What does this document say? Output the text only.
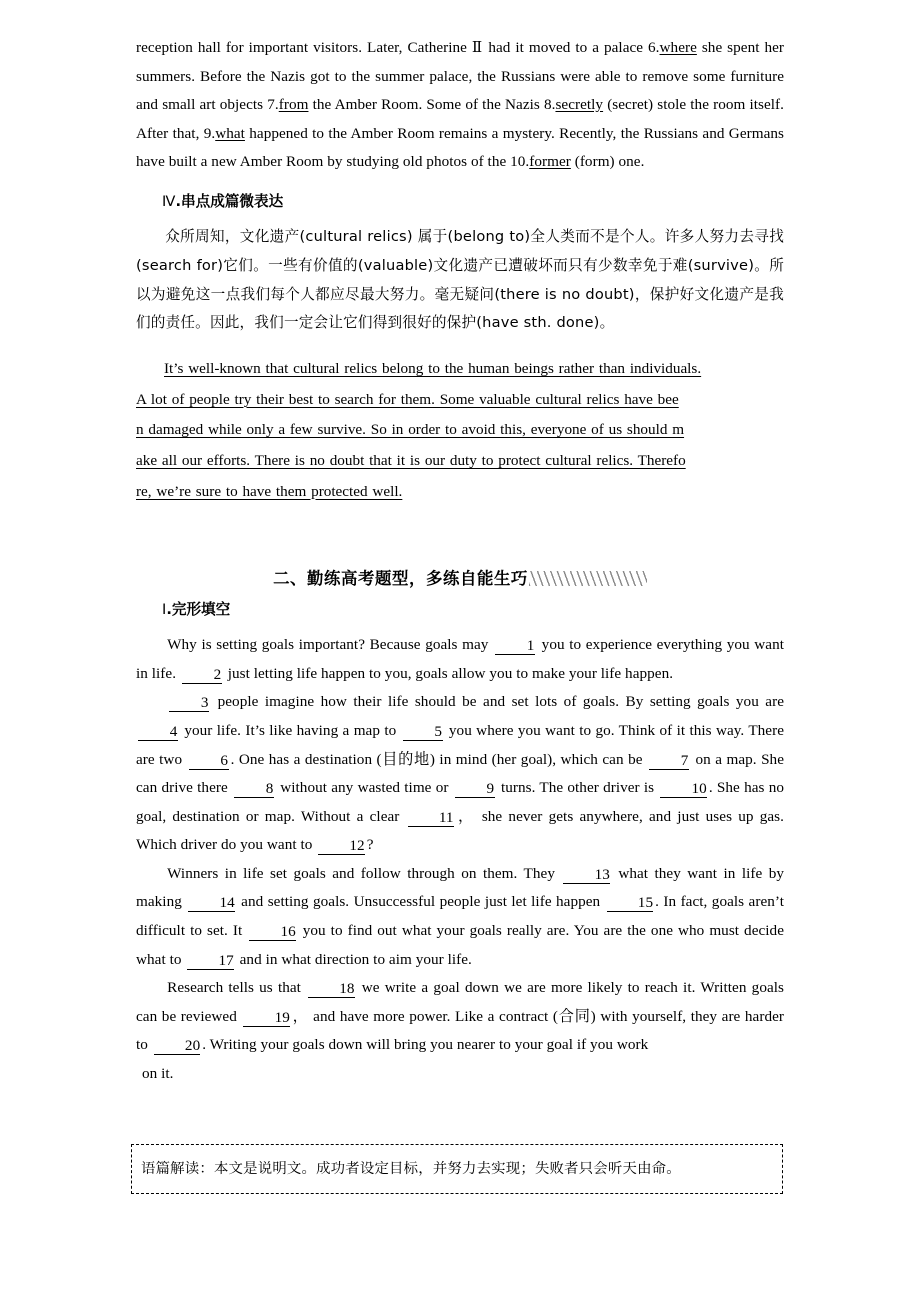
reception hall for important visitors. Later, Catherine Ⅱ had it moved to a palace 6.where she spent her summers. Before the Nazis got to the summer palace, the Russians were able to remove some furniture and small art objects 7.from the Amber Room. Some of the Nazis 8.secretly (secret) stole the room itself. After that, 9.what happened to the Amber Room remains a mystery. Recently, the Russians and Germans have built a new Amber Room by studying old photos of the 10.former (form) one.

Ⅳ.串点成篇微表达

众所周知，文化遗产(cultural relics) 属于(belong to)全人类而不是个人。许多人努力去寻找(search for)它们。一些有价值的(valuable)文化遗产已遭破坏而只有少数幸免于难(survive)。所以为避免这一点我们每个人都应尽最大努力。毫无疑问(there is no doubt)，保护好文化遗产是我们的责任。因此，我们一定会让它们得到很好的保护(have sth. done)。

It’s well-known that cultural relics belong to the human beings rather than individuals.
A lot of people try their best to search for them. Some valuable cultural relics have bee
n damaged while only a few survive. So in order to avoid this, everyone of us should m
ake all our efforts. There is no doubt that it is our duty to protect cultural relics. Therefo
re, we’re sure to have them protected well.

二、勤练高考题型，多练自能生巧

Ⅰ.完形填空

Why is setting goals important? Because goals may 1 you to experience everything you want in life. 2 just letting life happen to you, goals allow you to make your life happen.

3 people imagine how their life should be and set lots of goals. By setting goals you are 4 your life. It’s like having a map to 5 you where you want to go. Think of it this way. There are two 6 . One has a destination (目的地) in mind (her goal), which can be 7 on a map. She can drive there 8 without any wasted time or 9 turns. The other driver is 10 . She has no goal, destination or map. Without a clear 11 ， she never gets anywhere, and just uses up gas. Which driver do you want to 12 ?

Winners in life set goals and follow through on them. They 13 what they want in life by making 14 and setting goals. Unsuccessful people just let life happen 15 . In fact, goals aren’t difficult to set. It 16 you to find out what your goals really are. You are the one who must decide what to 17 and in what direction to aim your life.

Research tells us that 18 we write a goal down we are more likely to reach it. Written goals can be reviewed 19 ， and have more power. Like a contract (合同) with yourself, they are harder to 20 . Writing your goals down will bring you nearer to your goal if you work

on it.

语篇解读：本文是说明文。成功者设定目标，并努力去实现；失败者只会听天由命。
